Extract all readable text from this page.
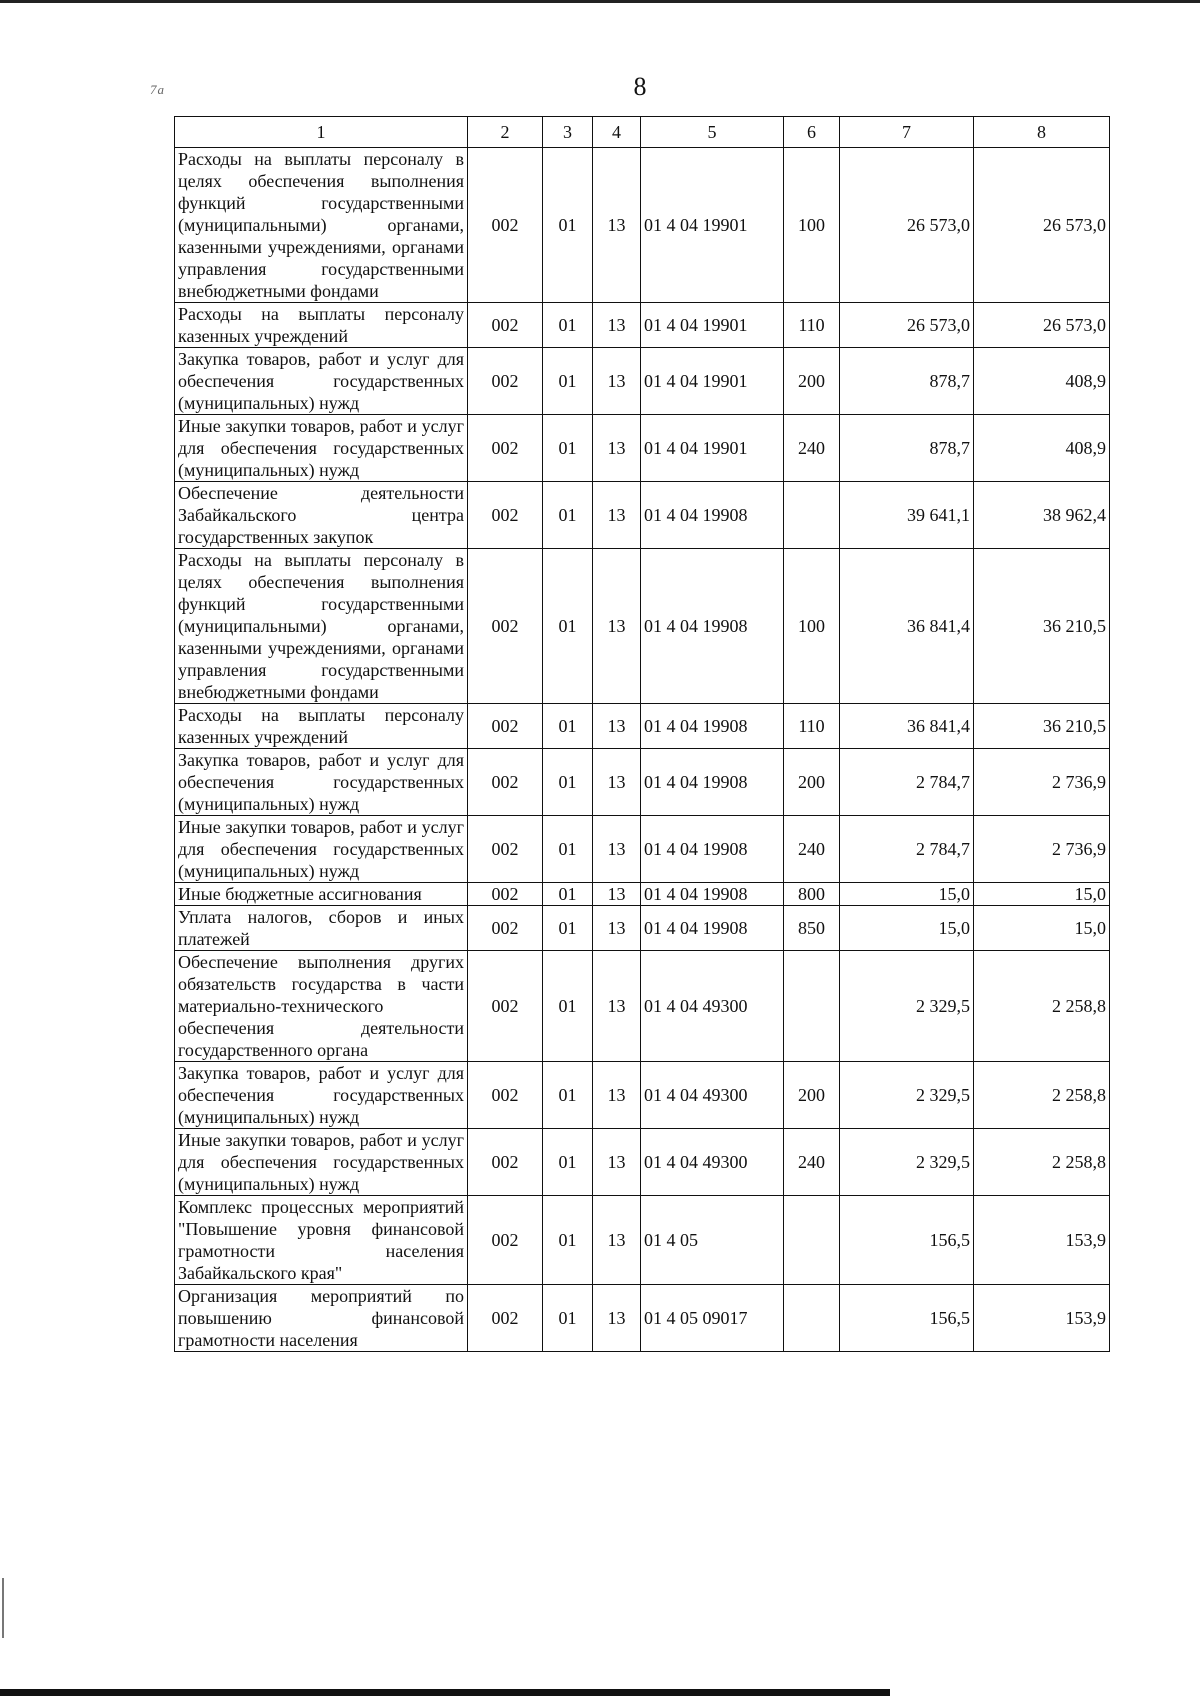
7a	8
1	2	3	4	5	6	7	8
Расходы на выплаты персоналу в целях обеспечения выполнения функций государственными (муниципальными) органами, казенными учреждениями, органами управления государственными внебюджетными фондами	002	01	13	01 4 04 19901	100	26 573,0	26 573,0
Расходы на выплаты персоналу казенных учреждений	002	01	13	01 4 04 19901	110	26 573,0	26 573,0
Закупка товаров, работ и услуг для обеспечения государственных (муниципальных) нужд	002	01	13	01 4 04 19901	200	878,7	408,9
Иные закупки товаров, работ и услуг для обеспечения государственных (муниципальных) нужд	002	01	13	01 4 04 19901	240	878,7	408,9
Обеспечение деятельности Забайкальского центра государственных закупок	002	01	13	01 4 04 19908		39 641,1	38 962,4
Расходы на выплаты персоналу в целях обеспечения выполнения функций государственными (муниципальными) органами, казенными учреждениями, органами управления государственными внебюджетными фондами	002	01	13	01 4 04 19908	100	36 841,4	36 210,5
Расходы на выплаты персоналу казенных учреждений	002	01	13	01 4 04 19908	110	36 841,4	36 210,5
Закупка товаров, работ и услуг для обеспечения государственных (муниципальных) нужд	002	01	13	01 4 04 19908	200	2 784,7	2 736,9
Иные закупки товаров, работ и услуг для обеспечения государственных (муниципальных) нужд	002	01	13	01 4 04 19908	240	2 784,7	2 736,9
Иные бюджетные ассигнования	002	01	13	01 4 04 19908	800	15,0	15,0
Уплата налогов, сборов и иных платежей	002	01	13	01 4 04 19908	850	15,0	15,0
Обеспечение выполнения других обязательств государства в части материально-технического обеспечения деятельности государственного органа	002	01	13	01 4 04 49300		2 329,5	2 258,8
Закупка товаров, работ и услуг для обеспечения государственных (муниципальных) нужд	002	01	13	01 4 04 49300	200	2 329,5	2 258,8
Иные закупки товаров, работ и услуг для обеспечения государственных (муниципальных) нужд	002	01	13	01 4 04 49300	240	2 329,5	2 258,8
Комплекс процессных мероприятий "Повышение уровня финансовой грамотности населения Забайкальского края"	002	01	13	01 4 05		156,5	153,9
Организация мероприятий по повышению финансовой грамотности населения	002	01	13	01 4 05 09017		156,5	153,9
